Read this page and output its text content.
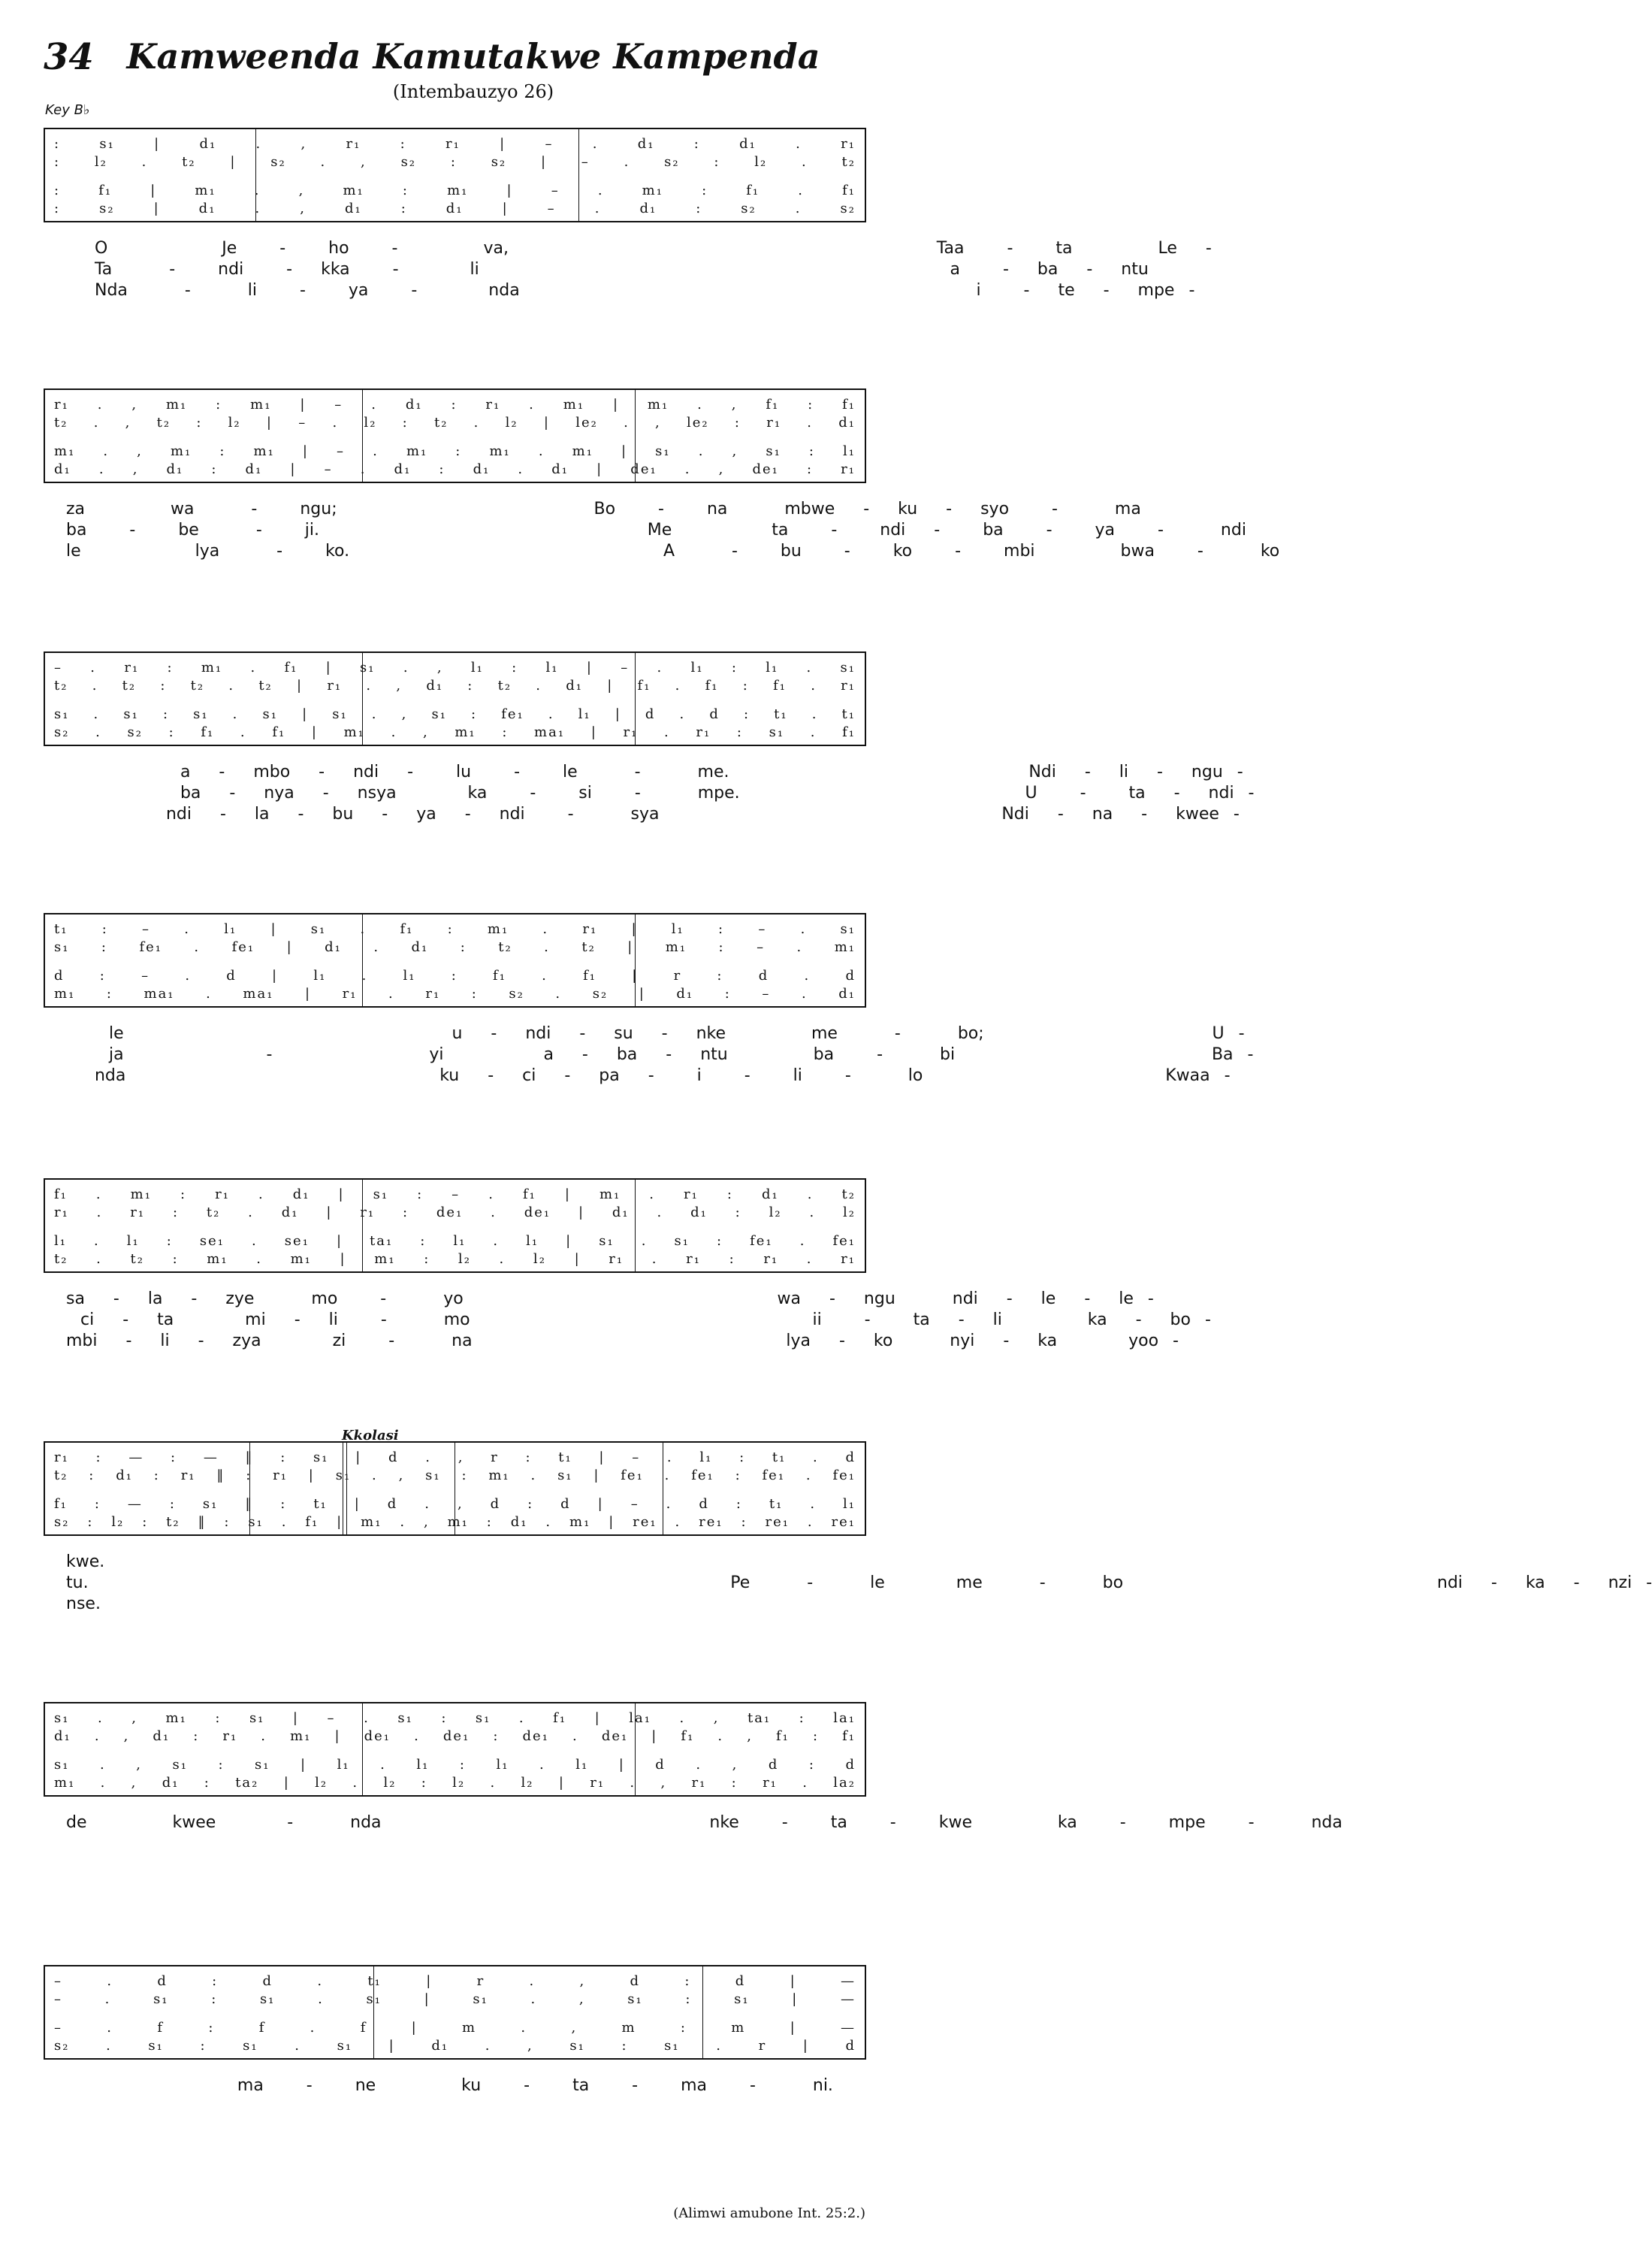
34 Kamweenda Kamutakwe Kampenda
(Intembauzyo 26)
Key B♭
Kkolasi
: s₁ | d₁ . , r₁ : r₁ | – . d₁ : d₁ . r₁
: l₂ . t₂ | s₂ . , s₂ : s₂ | – . s₂ : l₂ . t₂
: f₁ | m₁ . , m₁ : m₁ | – . m₁ : f₁ . f₁
: s₂ | d₁ . , d₁ : d₁ | – . d₁ : s₂ . s₂
O        Je   -   ho   -      va,                              Taa   -   ta      Le  -
Ta    -   ndi   -  kka   -     li                                 a   -  ba  -  ntu
Nda    -    li   -   ya   -     nda                                i   -  te  -  mpe -
r₁ . , m₁ : m₁ | – . d₁ : r₁ . m₁ | m₁ . , f₁ : f₁
t₂ . , t₂ : l₂ | – . l₂ : t₂ . l₂ | le₂ . , le₂ : r₁ . d₁
m₁ . , m₁ : m₁ | – . m₁ : m₁ . m₁ | s₁ . , s₁ : l₁
d₁ . , d₁ : d₁ | – . d₁ : d₁ . d₁ | de₁ . , de₁ : r₁
za      wa    -   ngu;                  Bo   -   na    mbwe  -  ku  -  syo   -    ma
ba   -   be    -   ji.                       Me       ta   -   ndi  -   ba   -   ya   -    ndi
le        lya    -   ko.                      A    -   bu   -   ko   -   mbi      bwa   -    ko
– . r₁ : m₁ . f₁ | s₁ . , l₁ : l₁ | – . l₁ : l₁ . s₁
t₂ . t₂ : t₂ . t₂ | r₁ . , d₁ : t₂ . d₁ | f₁ . f₁ : f₁ . r₁
s₁ . s₁ : s₁ . s₁ | s₁ . , s₁ : fe₁ . l₁ | d . d : t₁ . t₁
s₂ . s₂ : f₁ . f₁ | m₁ . , m₁ : ma₁ | r₁ . r₁ : s₁ . f₁
a  -  mbo  -  ndi  -   lu   -   le    -    me.                     Ndi  -  li  -  ngu -
ba  -  nya  -  nsya     ka   -   si   -    mpe.                    U   -   ta  -  ndi -
ndi  -  la  -  bu  -  ya  -  ndi   -    sya                        Ndi  -  na  -  kwee -
t₁ : – . l₁ | s₁ . f₁ : m₁ . r₁ | l₁ : – . s₁
s₁ : fe₁ . fe₁ | d₁ . d₁ : t₂ . t₂ | m₁ : – . m₁
d : – . d | l₁ . l₁ : f₁ . f₁ | r : d . d
m₁ : ma₁ . ma₁ | r₁ . r₁ : s₂ . s₂ | d₁ : – . d₁
le                       u  -  ndi  -  su  -  nke      me    -    bo;                U -
ja          -           yi       a  -  ba  -  ntu      ba   -    bi                  Ba -
nda                      ku  -  ci  -  pa  -   i   -   li   -    lo                 Kwaa -
f₁ . m₁ : r₁ . d₁ | s₁ : – . f₁ | m₁ . r₁ : d₁ . t₂
r₁ . r₁ : t₂ . d₁ | r₁ : de₁ . de₁ | d₁ . d₁ : l₂ . l₂
l₁ . l₁ : se₁ . se₁ | ta₁ : l₁ . l₁ | s₁ . s₁ : fe₁ . fe₁
t₂ . t₂ : m₁ . m₁ | m₁ : l₂ . l₂ | r₁ . r₁ : r₁ . r₁
sa  -  la  -  zye    mo   -    yo                      wa  -  ngu    ndi  -  le  -  le -
ci  -  ta     mi  -  li   -    mo                        ii   -   ta  -  li      ka  -  bo -
mbi  -  li  -  zya     zi   -    na                      lya  -  ko    nyi  -  ka     yoo -
r₁ : — : — ‖ : s₁ | d . , r : t₁ | – . l₁ : t₁ . d
t₂ : d₁ : r₁ ‖ : r₁ | s₁ . , s₁ : m₁ . s₁ | fe₁ . fe₁ : fe₁ . fe₁
f₁ : — : s₁ ‖ : t₁ | d . , d : d | – . d : t₁ . l₁
s₂ : l₂ : t₂ ‖ : s₁ . f₁ | m₁ . , m₁ : d₁ . m₁ | re₁ . re₁ : re₁ . re₁
kwe.
tu.                                             Pe    -    le     me    -    bo                      ndi  -  ka  -  nzi -
nse.
s₁ . , m₁ : s₁ | – . s₁ : s₁ . f₁ | la₁ . , ta₁ : la₁
d₁ . , d₁ : r₁ . m₁ | de₁ . de₁ : de₁ . de₁ | f₁ . , f₁ : f₁
s₁ . , s₁ : s₁ | l₁ . l₁ : l₁ . l₁ | d . , d : d
m₁ . , d₁ : ta₂ | l₂ . l₂ : l₂ . l₂ | r₁ . , r₁ : r₁ . la₂
de      kwee     -    nda                       nke   -   ta   -   kwe      ka   -   mpe   -    nda
– . d : d . t₁ | r . , d : d | —
– . s₁ : s₁ . s₁ | s₁ . , s₁ : s₁ | —
– . f : f . f | m . , m : m | —
s₂ . s₁ : s₁ . s₁ | d₁ . , s₁ : s₁ . r | d
ma   -   ne      ku   -   ta   -   ma   -    ni.
(Alimwi amubone Int. 25:2.)
